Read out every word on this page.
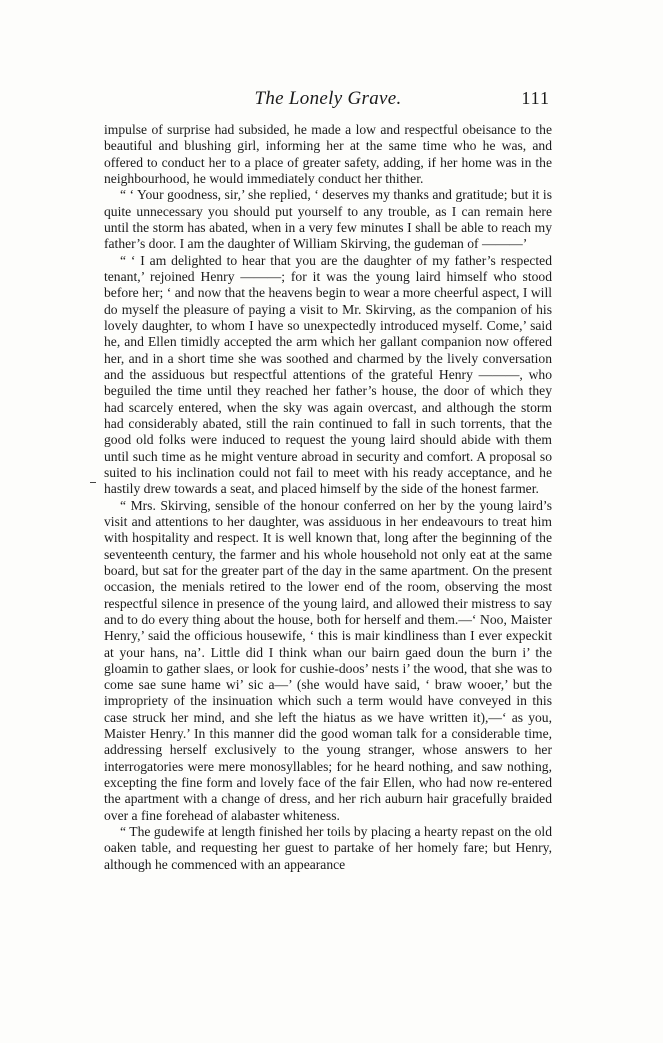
The Lonely Grave.	111

impulse of surprise had subsided, he made a low and respectful obeisance to the beautiful and blushing girl, informing her at the same time who he was, and offered to conduct her to a place of greater safety, adding, if her home was in the neighbourhood, he would immediately conduct her thither.

“ ‘ Your goodness, sir,’ she replied, ‘ deserves my thanks and gratitude; but it is quite unnecessary you should put yourself to any trouble, as I can remain here until the storm has abated, when in a very few minutes I shall be able to reach my father’s door. I am the daughter of William Skirving, the gudeman of ———’

“ ‘ I am delighted to hear that you are the daughter of my father’s respected tenant,’ rejoined Henry ———; for it was the young laird himself who stood before her; ‘ and now that the heavens begin to wear a more cheerful aspect, I will do myself the pleasure of paying a visit to Mr. Skirving, as the companion of his lovely daughter, to whom I have so unexpectedly introduced myself. Come,’ said he, and Ellen timidly accepted the arm which her gallant companion now offered her, and in a short time she was soothed and charmed by the lively conversation and the assiduous but respectful attentions of the grateful Henry ———, who beguiled the time until they reached her father’s house, the door of which they had scarcely entered, when the sky was again overcast, and although the storm had considerably abated, still the rain continued to fall in such torrents, that the good old folks were induced to request the young laird should abide with them until such time as he might venture abroad in security and comfort. A proposal so suited to his inclination could not fail to meet with his ready acceptance, and he hastily drew towards a seat, and placed himself by the side of the honest farmer.

“ Mrs. Skirving, sensible of the honour conferred on her by the young laird’s visit and attentions to her daughter, was assiduous in her endeavours to treat him with hospitality and respect. It is well known that, long after the beginning of the seventeenth century, the farmer and his whole household not only eat at the same board, but sat for the greater part of the day in the same apartment. On the present occasion, the menials retired to the lower end of the room, observing the most respectful silence in presence of the young laird, and allowed their mistress to say and to do every thing about the house, both for herself and them.—‘ Noo, Maister Henry,’ said the officious housewife, ‘ this is mair kindliness than I ever expeckit at your hans, na’. Little did I think whan our bairn gaed doun the burn i’ the gloamin to gather slaes, or look for cushie-doos’ nests i’ the wood, that she was to come sae sune hame wi’ sic a—’ (she would have said, ‘ braw wooer,’ but the impropriety of the insinuation which such a term would have conveyed in this case struck her mind, and she left the hiatus as we have written it),—‘ as you, Maister Henry.’ In this manner did the good woman talk for a considerable time, addressing herself exclusively to the young stranger, whose answers to her interrogatories were mere monosyllables; for he heard nothing, and saw nothing, excepting the fine form and lovely face of the fair Ellen, who had now re-entered the apartment with a change of dress, and her rich auburn hair gracefully braided over a fine forehead of alabaster whiteness.

“ The gudewife at length finished her toils by placing a hearty repast on the old oaken table, and requesting her guest to partake of her homely fare; but Henry, although he commenced with an appearance
